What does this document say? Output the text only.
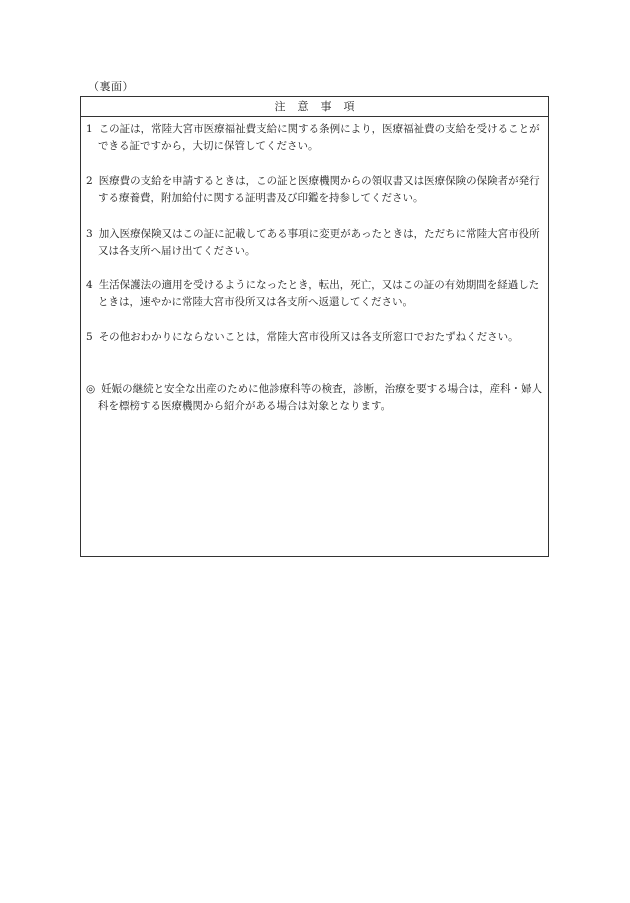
（裏面）
注意事項
1 この証は，常陸大宮市医療福祉費支給に関する条例により，医療福祉費の支給を受けることができる証ですから，大切に保管してください。
2 医療費の支給を申請するときは，この証と医療機関からの領収書又は医療保険の保険者が発行する療養費，附加給付に関する証明書及び印鑑を持参してください。
3 加入医療保険又はこの証に記載してある事項に変更があったときは，ただちに常陸大宮市役所又は各支所へ届け出てください。
4 生活保護法の適用を受けるようになったとき，転出，死亡，又はこの証の有効期間を経過したときは，速やかに常陸大宮市役所又は各支所へ返還してください。
5 その他おわかりにならないことは，常陸大宮市役所又は各支所窓口でおたずねください。
◎ 妊娠の継続と安全な出産のために他診療科等の検査，診断，治療を要する場合は，産科・婦人科を標榜する医療機関から紹介がある場合は対象となります。
